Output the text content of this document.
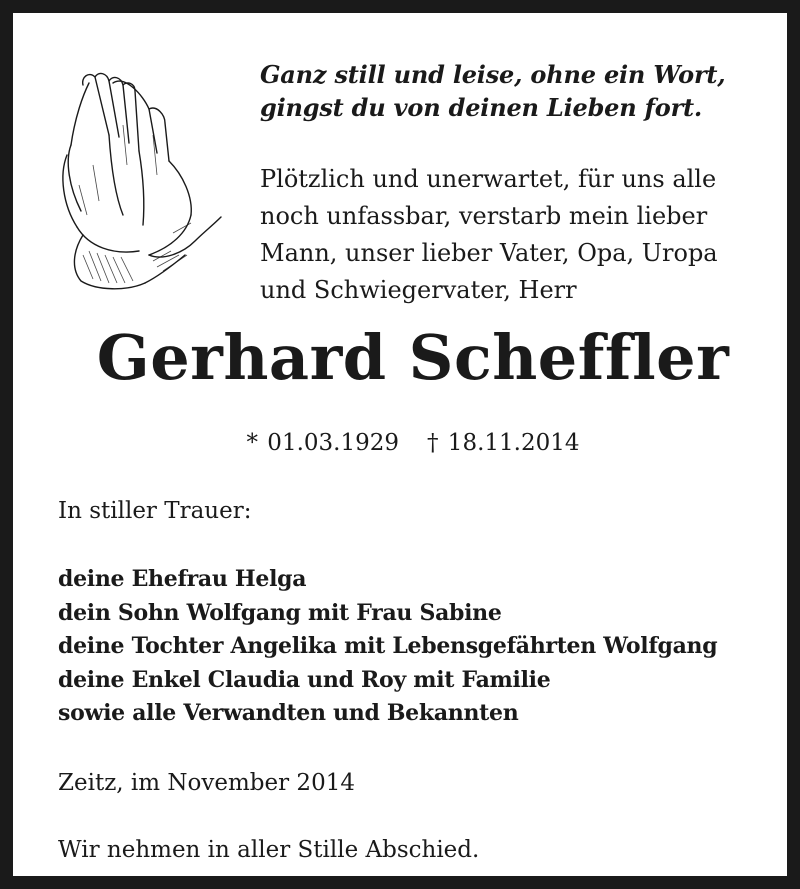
Ganz still und leise, ohne ein Wort,
gingst du von deinen Lieben fort.
Plötzlich und unerwartet, für uns alle
noch unfassbar, verstarb mein lieber
Mann, unser lieber Vater, Opa, Uropa
und Schwiegervater, Herr
Gerhard Scheffler
* 01.03.1929 † 18.11.2014
In stiller Trauer:
deine Ehefrau Helga
dein Sohn Wolfgang mit Frau Sabine
deine Tochter Angelika mit Lebensgefährten Wolfgang
deine Enkel Claudia und Roy mit Familie
sowie alle Verwandten und Bekannten
Zeitz, im November 2014
Wir nehmen in aller Stille Abschied.
